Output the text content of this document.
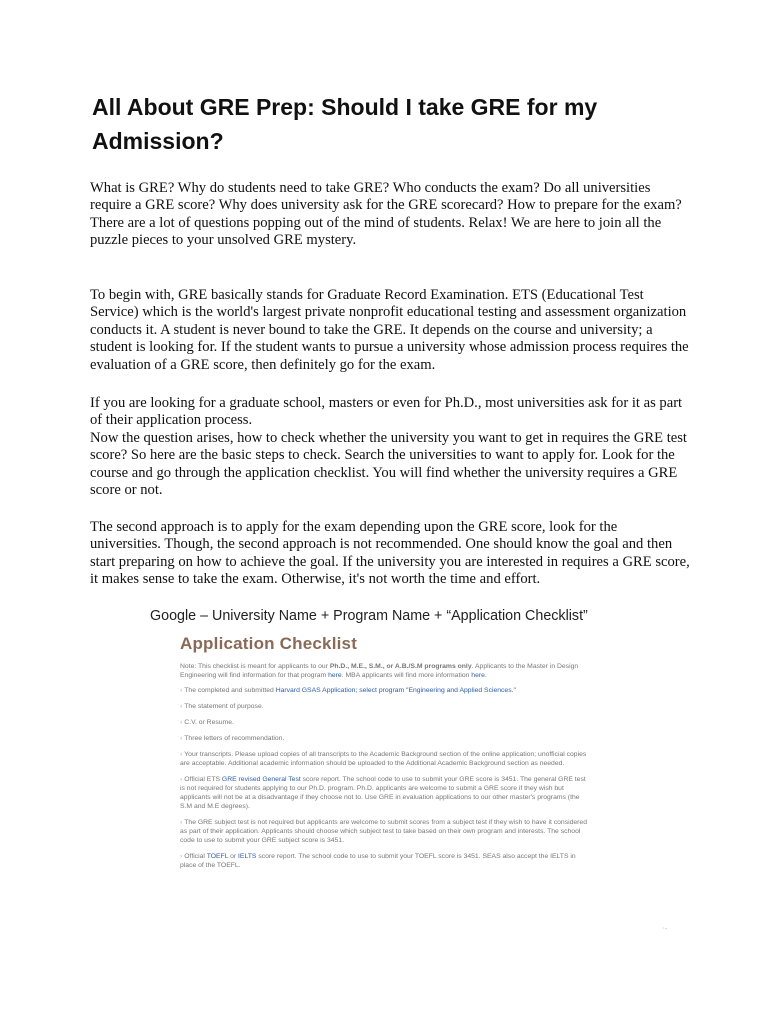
All About GRE Prep: Should I take GRE for my Admission?

What is GRE? Why do students need to take GRE? Who conducts the exam? Do all universities require a GRE score? Why does university ask for the GRE scorecard? How to prepare for the exam?

There are a lot of questions popping out of the mind of students. Relax! We are here to join all the puzzle pieces to your unsolved GRE mystery.

To begin with, GRE basically stands for Graduate Record Examination. ETS (Educational Test Service) which is the world's largest private nonprofit educational testing and assessment organization conducts it. A student is never bound to take the GRE. It depends on the course and university; a student is looking for. If the student wants to pursue a university whose admission process requires the evaluation of a GRE score, then definitely go for the exam.

If you are looking for a graduate school, masters or even for Ph.D., most universities ask for it as part of their application process.

Now the question arises, how to check whether the university you want to get in requires the GRE test score? So here are the basic steps to check. Search the universities to want to apply for. Look for the course and go through the application checklist. You will find whether the university requires a GRE score or not.

The second approach is to apply for the exam depending upon the GRE score, look for the universities. Though, the second approach is not recommended. One should know the goal and then start preparing on how to achieve the goal. If the university you are interested in requires a GRE score, it makes sense to take the exam. Otherwise, it's not worth the time and effort.

Google – University Name + Program Name + “Application Checklist”
Application Checklist
Note: This checklist is meant for applicants to our Ph.D., M.E., S.M., or A.B./S.M programs only. Applicants to the Master in Design Engineering will find information for that program here. MBA applicants will find more information here.
› The completed and submitted Harvard GSAS Application; select program "Engineering and Applied Sciences."
› The statement of purpose.
› C.V. or Resume.
› Three letters of recommendation.
› Your transcripts. Please upload copies of all transcripts to the Academic Background section of the online application; unofficial copies are acceptable. Additional academic information should be uploaded to the Additional Academic Background section as needed.
› Official ETS GRE revised General Test score report. The school code to use to submit your GRE score is 3451. The general GRE test is not required for students applying to our Ph.D. program. Ph.D. applicants are welcome to submit a GRE score if they wish but applicants will not be at a disadvantage if they choose not to. Use GRE in evaluation applications to our other master's programs (the S.M and M.E degrees).
› The GRE subject test is not required but applicants are welcome to submit scores from a subject test if they wish to have it considered as part of their application. Applicants should choose which subject test to take based on their own program and interests. The school code to use to submit your GRE subject score is 3451.
› Official TOEFL or IELTS score report. The school code to use to submit your TOEFL score is 3451. SEAS also accept the IELTS in place of the TOEFL.
·-
